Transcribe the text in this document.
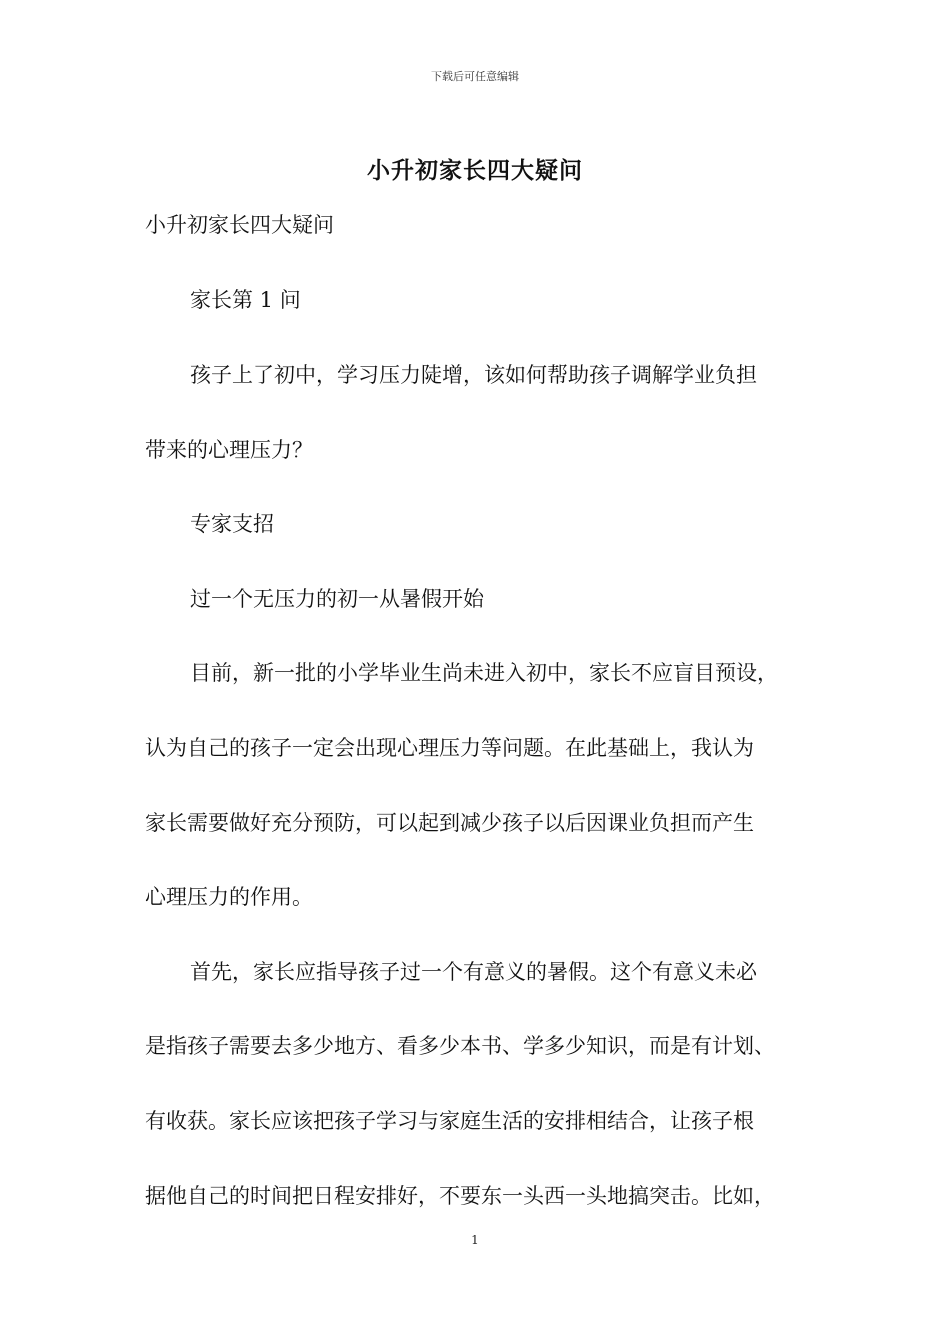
下载后可任意编辑
小升初家长四大疑问
小升初家长四大疑问
家长第 1 问
孩子上了初中，学习压力陡增，该如何帮助孩子调解学业负担
带来的心理压力？
专家支招
过一个无压力的初一从暑假开始
目前，新一批的小学毕业生尚未进入初中，家长不应盲目预设，
认为自己的孩子一定会出现心理压力等问题。在此基础上，我认为
家长需要做好充分预防，可以起到减少孩子以后因课业负担而产生
心理压力的作用。
首先，家长应指导孩子过一个有意义的暑假。这个有意义未必
是指孩子需要去多少地方、看多少本书、学多少知识，而是有计划、
有收获。家长应该把孩子学习与家庭生活的安排相结合，让孩子根
据他自己的时间把日程安排好，不要东一头西一头地搞突击。比如，
1
